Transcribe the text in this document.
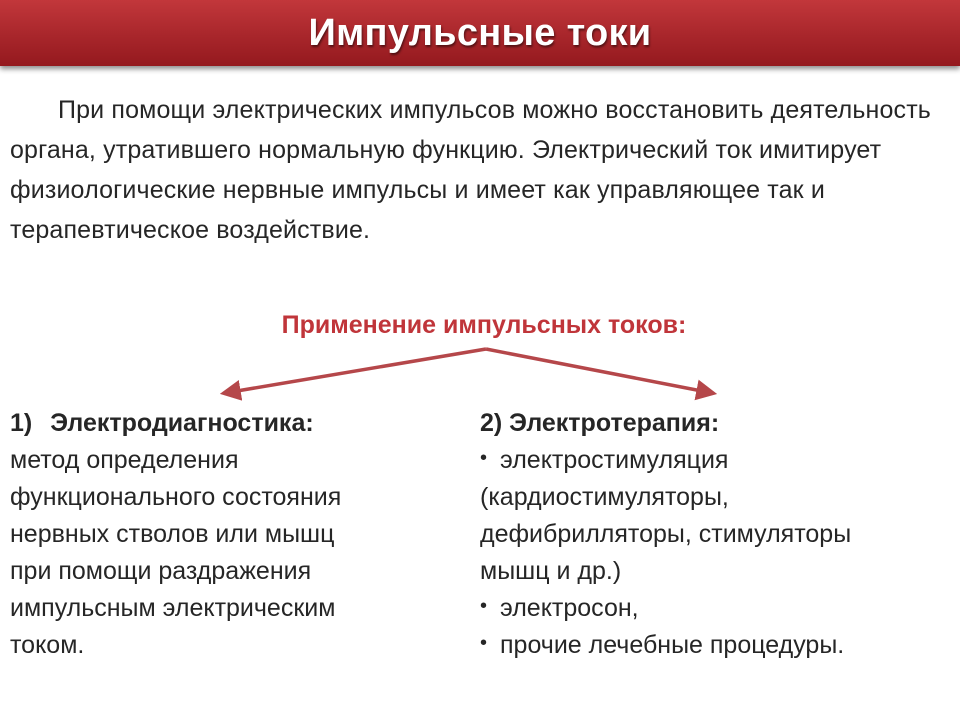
Импульсные токи

При помощи электрических импульсов можно восстановить деятельность органа, утратившего нормальную функцию. Электрический ток имитирует физиологические нервные импульсы и имеет как управляющее так и терапевтическое воздействие.

Применение импульсных токов:
1) Электродиагностика:
метод определения
функционального состояния
нервных стволов или мышц
при помощи раздражения
импульсным электрическим
током.
2) Электротерапия:
• электростимуляция
(кардиостимуляторы,
дефибрилляторы, стимуляторы
мышц и др.)
• электросон,
• прочие лечебные процедуры.
